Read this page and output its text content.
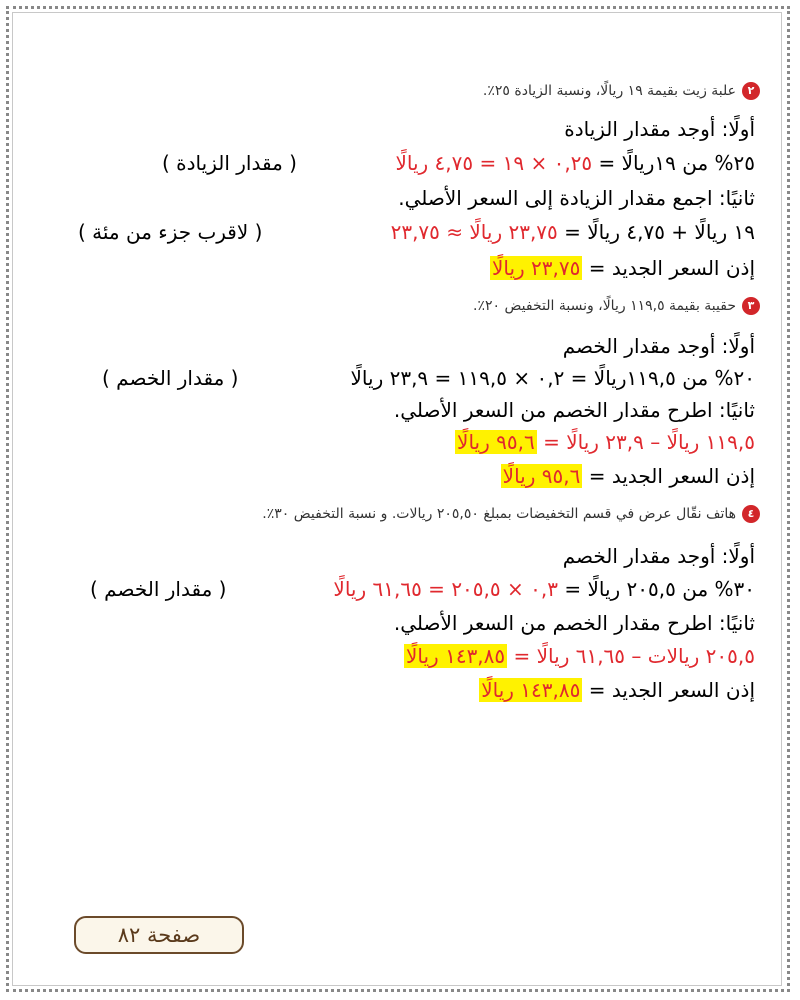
٢علبة زيت بقيمة ١٩ ريالًا، ونسبة الزيادة ٢٥٪.
أولًا: أوجد مقدار الزيادة
٢٥% من ١٩ريالًا = ٠,٢٥ × ١٩ = ٤,٧٥ ريالًا
( مقدار الزيادة )
ثانيًا: اجمع مقدار الزيادة إلى السعر الأصلي.
١٩ ريالًا + ٤,٧٥ ريالًا = ٢٣,٧٥ ريالًا ≈ ٢٣,٧٥
( لاقرب جزء من مئة )
إذن السعر الجديد = ٢٣,٧٥ ريالًا
٣حقيبة بقيمة ١١٩,٥ ريالًا، ونسبة التخفيض ٢٠٪.
أولًا: أوجد مقدار الخصم
٢٠% من ١١٩,٥ريالًا = ٠,٢ × ١١٩,٥ = ٢٣,٩ ريالًا
( مقدار الخصم )
ثانيًا: اطرح مقدار الخصم من السعر الأصلي.
١١٩,٥ ريالًا – ٢٣,٩ ريالًا = ٩٥,٦ ريالًا
إذن السعر الجديد = ٩٥,٦ ريالًا
٤هاتف نقّال عرض في قسم التخفيضات بمبلغ ٢٠٥,٥٠ ريالات. و نسبة التخفيض ٣٠٪.
أولًا: أوجد مقدار الخصم
٣٠% من ٢٠٥,٥ ريالًا = ٠,٣ × ٢٠٥,٥ = ٦١,٦٥ ريالًا
( مقدار الخصم )
ثانيًا: اطرح مقدار الخصم من السعر الأصلي.
٢٠٥,٥ ريالات – ٦١,٦٥ ريالًا = ١٤٣,٨٥ ريالًا
إذن السعر الجديد = ١٤٣,٨٥ ريالًا
صفحة ٨٢
